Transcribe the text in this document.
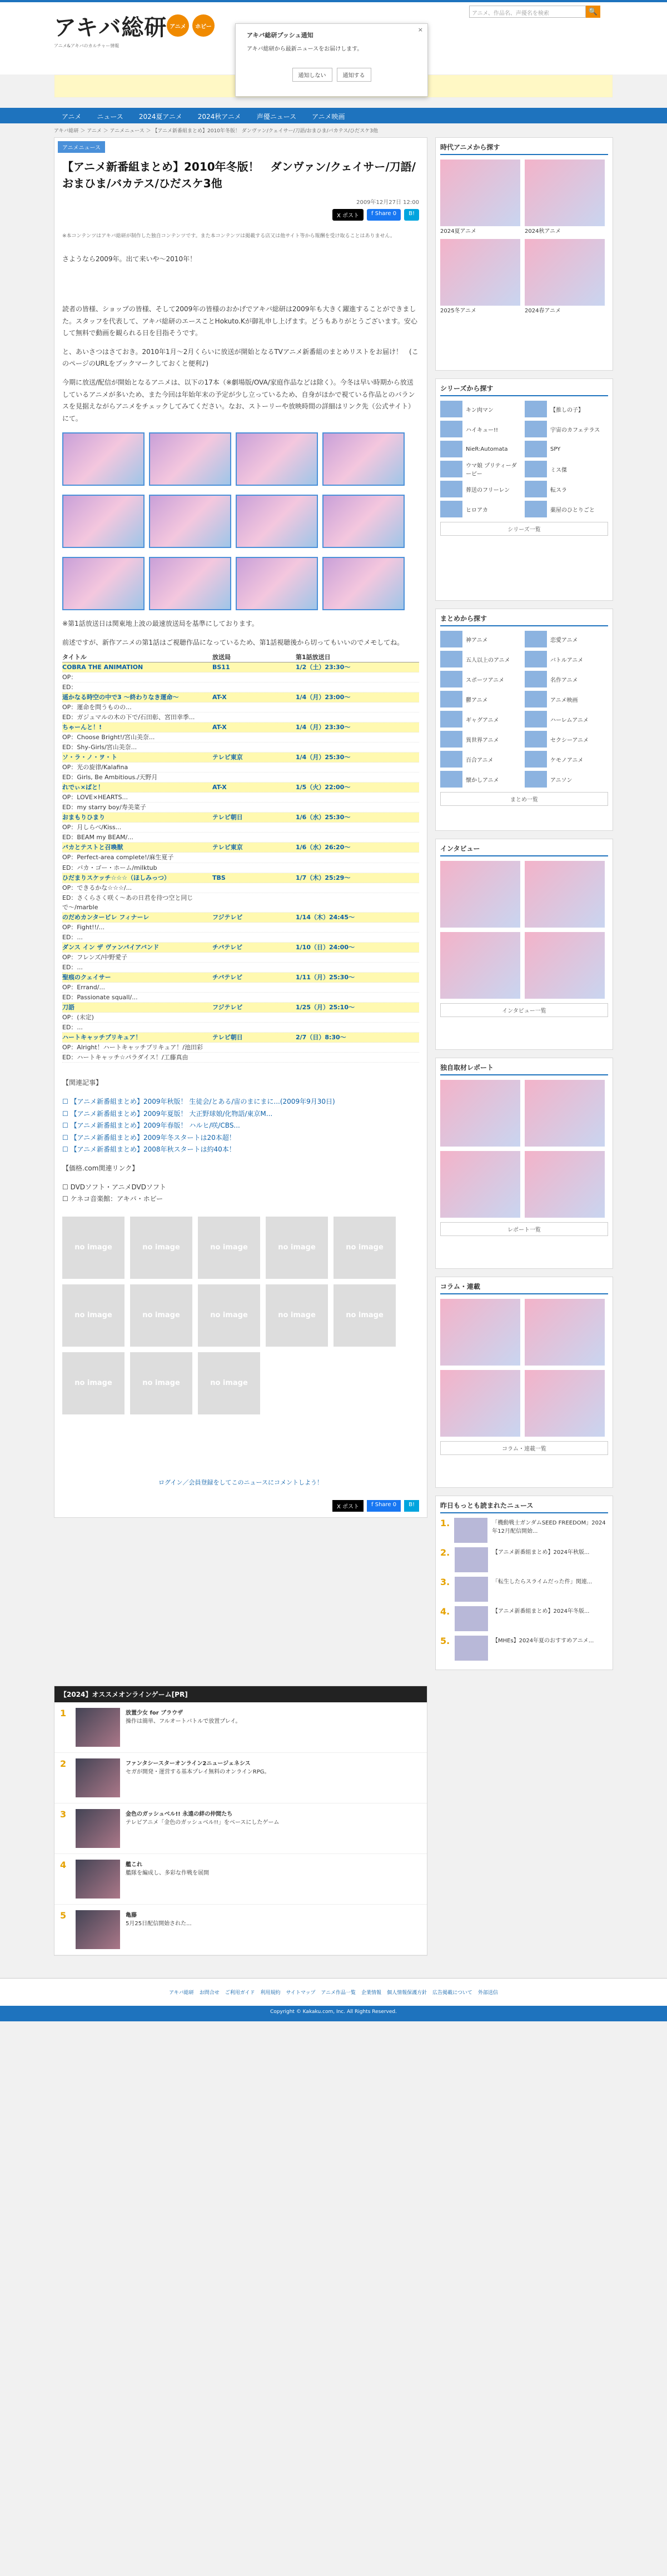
アキバ総研
アニメ&アキバのカルチャー情報
アニメ	ホビー
アニメ、作品名、声優名を検索	🔍
×
アキバ総研プッシュ通知
アキバ総研から最新ニュースをお届けします。
通知しない	通知する
アニメ	ニュース	2024夏アニメ	2024秋アニメ	声優ニュース	アニメ映画
アキバ総研 ＞ アニメ ＞ アニメニュース ＞ 【アニメ新番組まとめ】2010年冬版！ ダンヴァン/クェイサー/刀語/おまひま/バカテス/ひだスケ3他
アニメニュース
【アニメ新番組まとめ】2010年冬版！　ダンヴァン/クェイサー/刀語/おまひま/バカテス/ひだスケ3他
2009年12月27日 12:00
X ポスト	f Share 0	B!
※本コンテンツはアキバ総研が制作した独自コンテンツです。また本コンテンツは掲載する店又は他サイト等から報酬を受け取ることはありません。
さようなら2009年。出て来いや〜2010年！
読者の皆様、ショップの皆様、そして2009年の皆様のおかげでアキバ総研は2009年も大きく躍進することができました。スタッフを代表して、アキバ総研のエースことHokuto.Kが御礼申し上げます。どうもありがとうございます。安心して無料で動画を観られる日を目指そうです。
と、あいさつはさておき。2010年1月〜2月くらいに放送が開始となるTVアニメ新番組のまとめリストをお届け！　(このページのURLをブックマークしておくと便利♪)
今期に放送/配信が開始となるアニメは、以下の17本（※劇場版/OVA/家庭作品などは除く）。今冬は早い時期から放送しているアニメが多いため、また今回は年始年末の予定が少し立っているため、自身がほかで視ている作品とのバランスを見据えながらアニメをチェックしてみてください。なお、ストーリーや放映時間の詳細はリンク先（公式サイト）にて。
※第1話放送日は関東地上波の最速放送局を基準にしております。
前述ですが、新作アニメの第1話はご視聴作品になっているため、第1話視聴後から切ってもいいのでメモしてね。
タイトル	放送局	第1話放送日
COBRA THE ANIMATION	BS11	1/2（土）23:30〜
OP：
ED：
遥かなる時空の中で3 〜終わりなき運命〜	AT-X	1/4（月）23:00〜
OP：運命を問うものの...
ED：ガジュマルの木の下で/石田彰、宮田幸季...
ちゃーんと！!	AT-X	1/4（月）23:30〜
OP：Choose Bright!/宮山美奈...
ED：Shy-Girls/宮山美奈...
ソ・ラ・ノ・ヲ・ト	テレビ東京	1/4（月）25:30〜
OP：光の旋律/Kalafina
ED：Girls, Be Ambitious./天野月
れでぃ×ばと！	AT-X	1/5（火）22:00〜
OP：LOVE×HEARTS...
ED：my starry boy/寿美菜子
おまもりひまり	テレビ朝日	1/6（水）25:30〜
OP：月しらべ/Kiss...
ED：BEAM my BEAM/...
バカとテストと召喚獣	テレビ東京	1/6（水）26:20〜
OP：Perfect-area complete!/麻生夏子
ED：バカ・ゴー・ホーム/milktub
ひだまりスケッチ☆☆☆（ほしみっつ）	TBS	1/7（木）25:29〜
OP：できるかな☆☆☆/...
ED：さくらさく咲く〜あの日君を待つ空と同じで〜/marble
のだめカンタービレ フィナーレ	フジテレビ	1/14（木）24:45〜
OP：Fight!!/...
ED：...
ダンス イン ザ ヴァンパイアバンド	チバテレビ	1/10（日）24:00〜
OP：フレンズ/中野愛子
ED：...
聖痕のクェイサー	チバテレビ	1/11（月）25:30〜
OP：Errand/...
ED：Passionate squall/...
刀語	フジテレビ	1/25（月）25:10〜
OP：(未定)
ED：...
ハートキャッチプリキュア！	テレビ朝日	2/7（日）8:30〜
OP：Alright！ハートキャッチプリキュア！/池田彩
ED：ハートキャッチ☆パラダイス！/工藤真由
【関連記事】
☐ 【アニメ新番組まとめ】2009年秋版！ 生徒会/とある/宙のまにまに...(2009年9月30日)
☐ 【アニメ新番組まとめ】2009年夏版！ 大正野球娘/化物語/東京M...
☐ 【アニメ新番組まとめ】2009年春版！ ハルヒ/咲/CBS...
☐ 【アニメ新番組まとめ】2009年冬スタートは20本超！
☐ 【アニメ新番組まとめ】2008年秋スタートは約40本！
【価格.com関連リンク】
☐ DVDソフト・アニメDVDソフト
☐ ケネコ音楽館：アキバ・ホビー
no image	no image	no image	no image	no image
no image	no image	no image	no image	no image
no image	no image	no image
ログイン／会員登録をしてこのニュースにコメントしよう！
X ポスト	f Share 0	B!
時代アニメから探す
2024夏アニメ	2024秋アニメ
2025冬アニメ	2024春アニメ
シリーズから探す
キン肉マン	【推しの子】
ハイキュー!!	宇宙のカフェテラス
NieR:Automata	SPY
ウマ娘 プリティーダービー
ミス傑
葬送のフリーレン	転スラ
ヒロアカ	薬屋のひとりごと
シリーズ一覧
まとめから探す
神アニメ	恋愛アニメ
五人以上のアニメ	バトルアニメ
スポーツアニメ	名作アニメ
鬱アニメ	アニメ映画
ギャグアニメ	ハーレムアニメ
異世界アニメ	セクシーアニメ
百合アニメ	ケモノアニメ
懐かしアニメ	アニソン
まとめ一覧
インタビュー
インタビュー一覧
独自取材レポート
レポート一覧
コラム・連載
コラム・連載一覧
昨日もっとも読まれたニュース
1.	「機動戦士ガンダムSEED FREEDOM」2024年12月配信開始...
2.	【アニメ新番組まとめ】2024年秋版...
3.	「転生したらスライムだった件」関連...
4.	【アニメ新番組まとめ】2024年冬版...
5.	【MHEs】2024年夏のおすすめアニメ...
【2024】オススメオンラインゲーム[PR]
1	放置少女 for ブラウザ
操作は簡単、フルオートバトルで放置プレイ。
2	ファンタシースターオンライン2ニュージェネシス
セガが開発・運営する基本プレイ無料のオンラインRPG。
3	金色のガッシュベル!! 永遠の絆の仲間たち
テレビアニメ「金色のガッシュベル!!」をベースにしたゲーム
4	艦これ
艦隊を編成し、多彩な作戦を展開
5	亀藤
5月25日配信開始された...
アキバ総研 お問合せ ご利用ガイド 利用規約 サイトマップ アニメ作品一覧 企業情報 個人情報保護方針 広告掲載について 外部送信
Copyright © Kakaku.com, Inc. All Rights Reserved.
